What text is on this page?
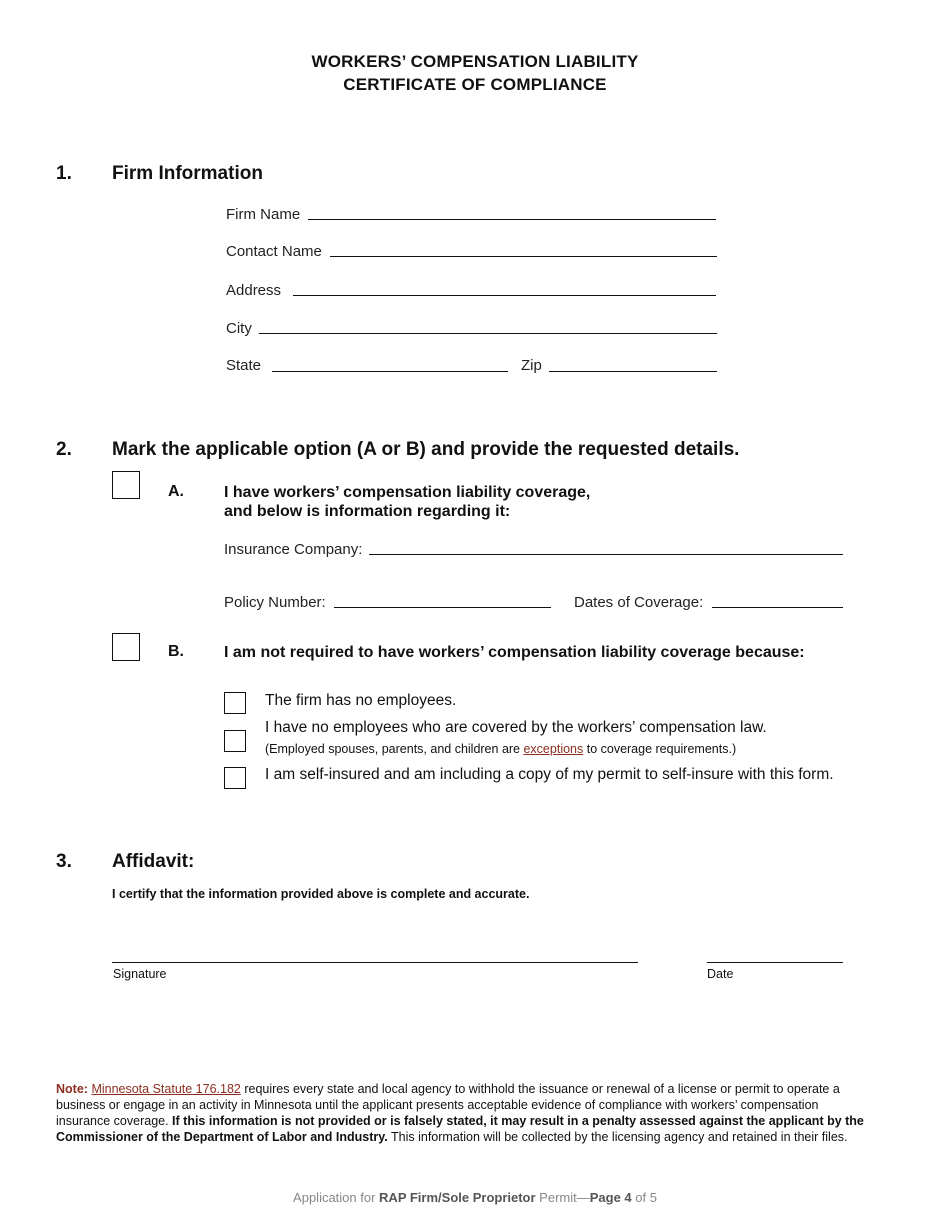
WORKERS’ COMPENSATION LIABILITY
CERTIFICATE OF COMPLIANCE
1. Firm Information
Firm Name
Contact Name
Address
City
State	Zip
2. Mark the applicable option (A or B) and provide the requested details.
A.	I have workers’ compensation liability coverage,
and below is information regarding it:
Insurance Company:
Policy Number:	Dates of Coverage:
B.	I am not required to have workers’ compensation liability coverage because:
The firm has no employees.
I have no employees who are covered by the workers’ compensation law.
(Employed spouses, parents, and children are exceptions to coverage requirements.)
I am self-insured and am including a copy of my permit to self-insure with this form.
3. Affidavit:
I certify that the information provided above is complete and accurate.
Signature	Date
Note: Minnesota Statute 176.182 requires every state and local agency to withhold the issuance or renewal of a license or permit to operate a business or engage in an activity in Minnesota until the applicant presents acceptable evidence of compliance with workers’ compensation insurance coverage. If this information is not provided or is falsely stated, it may result in a penalty assessed against the applicant by the Commissioner of the Department of Labor and Industry. This information will be collected by the licensing agency and retained in their files.
Application for RAP Firm/Sole Proprietor Permit—Page 4 of 5
